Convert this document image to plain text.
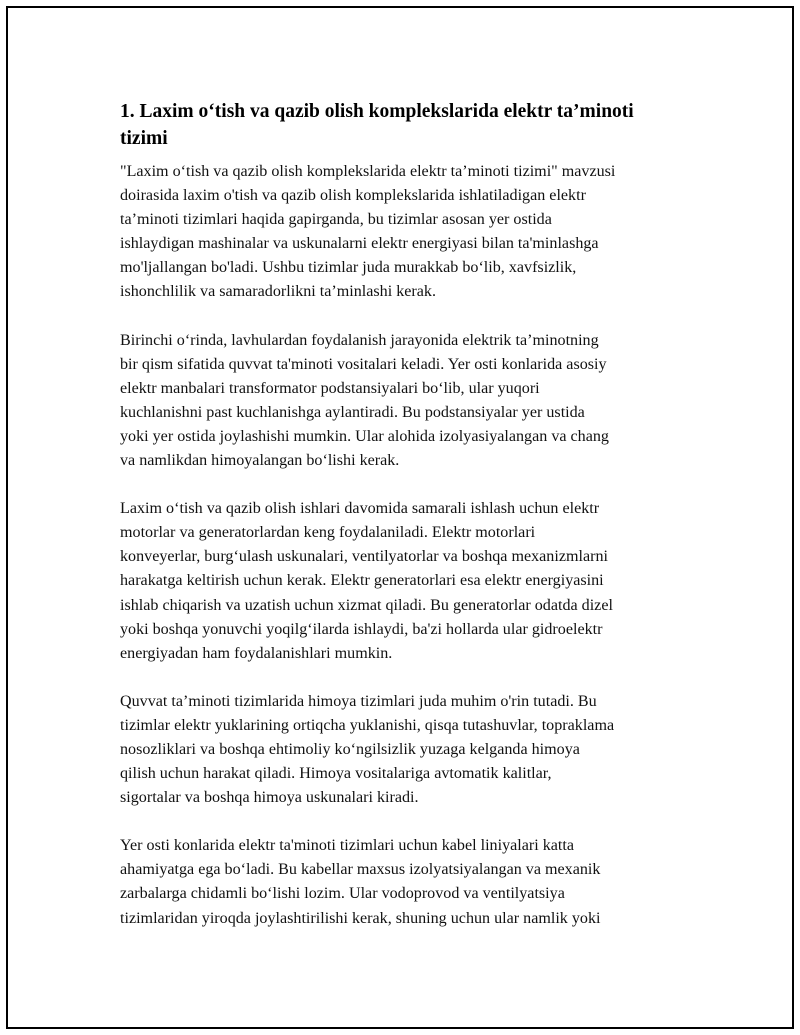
1. Laxim o‘tish va qazib olish komplekslarida elektr ta’minoti
tizimi

"Laxim o‘tish va qazib olish komplekslarida elektr ta’minoti tizimi" mavzusi
doirasida laxim o'tish va qazib olish komplekslarida ishlatiladigan elektr
ta’minoti tizimlari haqida gapirganda, bu tizimlar asosan yer ostida
ishlaydigan mashinalar va uskunalarni elektr energiyasi bilan ta'minlashga
mo'ljallangan bo'ladi. Ushbu tizimlar juda murakkab bo‘lib, xavfsizlik,
ishonchlilik va samaradorlikni ta’minlashi kerak.

Birinchi o‘rinda, lavhulardan foydalanish jarayonida elektrik ta’minotning
bir qism sifatida quvvat ta'minoti vositalari keladi. Yer osti konlarida asosiy
elektr manbalari transformator podstansiyalari bo‘lib, ular yuqori
kuchlanishni past kuchlanishga aylantiradi. Bu podstansiyalar yer ustida
yoki yer ostida joylashishi mumkin. Ular alohida izolyasiyalangan va chang
va namlikdan himoyalangan bo‘lishi kerak.

Laxim o‘tish va qazib olish ishlari davomida samarali ishlash uchun elektr
motorlar va generatorlardan keng foydalaniladi. Elektr motorlari
konveyerlar, burg‘ulash uskunalari, ventilyatorlar va boshqa mexanizmlarni
harakatga keltirish uchun kerak. Elektr generatorlari esa elektr energiyasini
ishlab chiqarish va uzatish uchun xizmat qiladi. Bu generatorlar odatda dizel
yoki boshqa yonuvchi yoqilg‘ilarda ishlaydi, ba'zi hollarda ular gidroelektr
energiyadan ham foydalanishlari mumkin.

Quvvat ta’minoti tizimlarida himoya tizimlari juda muhim o'rin tutadi. Bu
tizimlar elektr yuklarining ortiqcha yuklanishi, qisqa tutashuvlar, topraklama
nosozliklari va boshqa ehtimoliy ko‘ngilsizlik yuzaga kelganda himoya
qilish uchun harakat qiladi. Himoya vositalariga avtomatik kalitlar,
sigortalar va boshqa himoya uskunalari kiradi.

Yer osti konlarida elektr ta'minoti tizimlari uchun kabel liniyalari katta
ahamiyatga ega bo‘ladi. Bu kabellar maxsus izolyatsiyalangan va mexanik
zarbalarga chidamli bo‘lishi lozim. Ular vodoprovod va ventilyatsiya
tizimlaridan yiroqda joylashtirilishi kerak, shuning uchun ular namlik yoki
